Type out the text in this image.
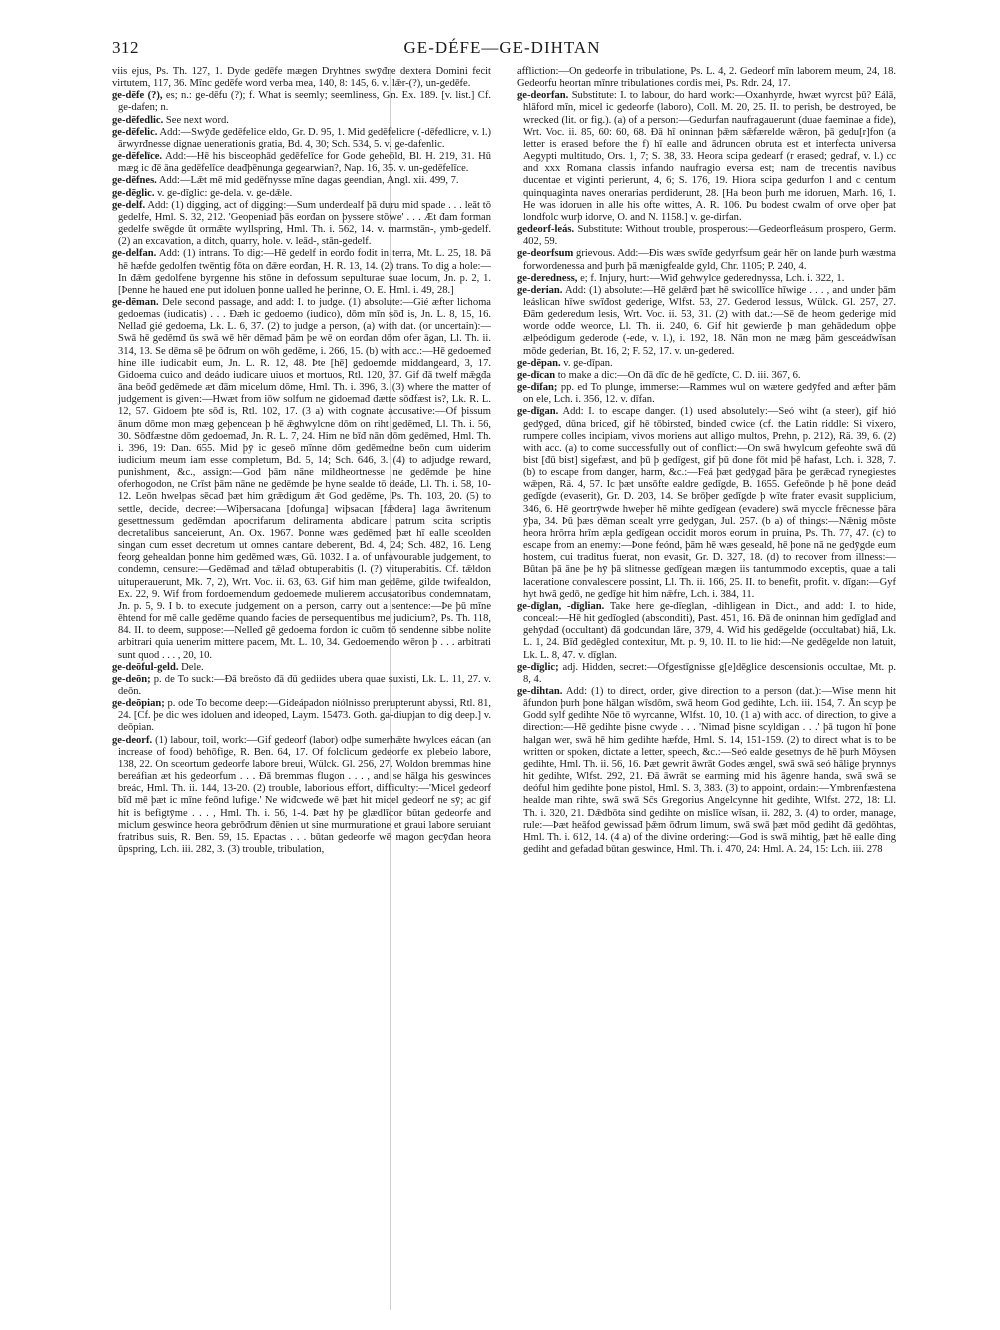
312	GE-DÉFE—GE-DIHTAN

viis ejus, Ps. Th. 127, 1. Dyde gedēfe mægen Dryhtnes swȳđre dextera Domini fecit virtutem, 117, 36. Mīnc gedēfe word verba mea, 140, 8: 145, 6. v. lǣr-(?), un-gedēfe.

ge-dēfe (?), es; n.: ge-dēfu (?); f. What is seemly; seemliness, Gn. Ex. 189. [v. list.] Cf. ge-dafen; n.

ge-dēfedlic. See next word.

ge-dēfelic. Add:—Swȳđe gedēfelice eldo, Gr. D. 95, 1. Mid gedēfelicre (-dēfedlicre, v. l.) ārwyrđnesse dignae uenerationis gratia, Bd. 4, 30; Sch. 534, 5. v. ge-dafenlic.

ge-dēfelīce. Add:—Hē his bisceophād gedēfelīce for Gode geheōld, Bl. H. 219, 31. Hū mæg ic đē āna gedēfelīce deađþēnunga gegearwian?, Nap. 16, 35. v. un-gedēfelīce.

ge-dēfnes. Add:—Lǣt mē mid gedēfnysse mīne dagas geendian, Angl. xii. 499, 7.

ge-dēglic. v. ge-dīglic: ge-dela. v. ge-dǣle.

ge-delf. Add: (1) digging, act of digging:—Sum underdealf þā duru mid spade . . . leāt tō gedelfe, Hml. S. 32, 212. 'Geopeniađ þās eorđan on þyssere stōwe' . . . Æt đam forman gedelfe swēgde ūt ormǣte wyllspring, Hml. Th. i. 562, 14. v. marmstān-, ymb-gedelf. (2) an excavation, a ditch, quarry, hole. v. leād-, stān-gedelf.

ge-delfan. Add: (1) intrans. To dig:—Hē gedelf in eorđo fodit in terra, Mt. L. 25, 18. Þā hē hæfde gedolfen twēntig fōta on đǣre eorđan, H. R. 13, 14. (2) trans. To dig a hole:—In đǣm gedolfene byrgenne his stōne in defossum sepulturae suae locum, Jn. p. 2, 1. [Þenne he haued ene put idoluen þonne ualled he þerinne, O. E. Hml. i. 49, 28.]

ge-dēman. Dele second passage, and add: I. to judge. (1) absolute:—Gié æfter lichoma gedoemas (iudicatis) . . . Đæh ic gedoemo (iudico), dōm mīn sōđ is, Jn. L. 8, 15, 16. Nellađ gié gedoema, Lk. L. 6, 37. (2) to judge a person, (a) with dat. (or uncertain):—Swā hē gedēmđ ūs swā wē hēr dēmađ þām þe wē on eorđan dōm ofer āgan, Ll. Th. ii. 314, 13. Se dēma sē þe ōđrum on wōh gedēme, i. 266, 15. (b) with acc.:—Hē gedoemeđ hine ille iudicabit eum, Jn. L. R. 12, 48. Þte [hē] gedoemde middangeard, 3, 17. Gidoema cuico and deádo iudicare uiuos et mortuos, Rtl. 120, 37. Gif đā twelf mǣgđa āna beōđ gedēmede æt đām micelum dōme, Hml. Th. i. 396, 3. (3) where the matter of judgement is given:—Hwæt from iōw solfum ne gidoemađ đætte sōđfæst is?, Lk. R. L. 12, 57. Gidoem þte sōđ is, Rtl. 102, 17. (3 a) with cognate accusative:—Of þissum ānum dōme mon mæg geþencean þ hē ǣghwylcne dōm on riht gedēmeđ, Ll. Th. i. 56, 30. Sōđfæstne dōm gedoemađ, Jn. R. L. 7, 24. Him ne bīđ nān dōm gedēmed, Hml. Th. i. 396, 19: Dan. 655. Mid þȳ ic geseō mīnne dōm gedēmedne beōn cum uiderim iudicium meum iam esse completum, Bd. 5, 14; Sch. 646, 3. (4) to adjudge reward, punishment, &c., assign:—God þām nāne mildheortnesse ne gedēmde þe hine oferhogodon, ne Crīst þām nāne ne gedēmde þe hyne sealde tō deáđe, Ll. Th. i. 58, 10-12. Leōn hwelpas sēcađ þæt him grǣdigum ǣt God gedēme, Ps. Th. 103, 20. (5) to settle, decide, decree:—Wiþersacana [dofunga] wiþsacan [fǣdera] laga āwritenum gesettnessum gedēmdan apocrifarum deliramenta abdicare patrum scita scriptis decretalibus sanceierunt, An. Ox. 1967. Þonne wæs gedēmed þæt hī ealle sceolden singan cum esset decretum ut omnes cantare deberent, Bd. 4, 24; Sch. 482, 16. Leng feorg gehealdan þonne him gedēmed wæs, Gū. 1032. I a. of unfavourable judgement, to condemn, censure:—Gedēmađ and tǣlađ obtuperabitis (l. (?) vituperabitis. Cf. tǣldon uituperauerunt, Mk. 7, 2), Wrt. Voc. ii. 63, 63. Gif him man gedēme, gilde twifealdon, Ex. 22, 9. Wif from fordoemendum gedoemede mulierem accusatoribus condemnatam, Jn. p. 5, 9. I b. to execute judgement on a person, carry out a sentence:—Þe þū mīne ēhtend for mē calle gedēme quando facies de persequentibus me judicium?, Ps. Th. 118, 84. II. to deem, suppose:—Nelleđ gē gedoema fordon ic cuōm tō sendenne sibbe nolite arbitrari quia uenerim mittere pacem, Mt. L. 10, 34. Gedoemendo wēron þ . . . arbitrati sunt quod . . . , 20, 10.

ge-deōful-geld. Dele.

ge-deōn; p. de To suck:—Đā breōsto đā đū gediides ubera quae suxisti, Lk. L. 11, 27. v. deōn.

ge-deōpian; p. ode To become deep:—Gideápadon niólnisso prerupterunt abyssi, Rtl. 81, 24. [Cf. þe dic wes idoluen and ideoped, Laym. 15473. Goth. ga-diupjan to dig deep.] v. deōpian.

ge-deorf. (1) labour, toil, work:—Gif gedeorf (labor) odþe sumerhǣte hwylces eácan (an increase of food) behōfige, R. Ben. 64, 17. Of folclicum gedeorfe ex plebeio labore, 138, 22. On sceortum gedeorfe labore breui, Wülck. Gl. 256, 27. Woldon bremmas hine bereáfian æt his gedeorfum . . . Đā bremmas flugon . . . , and se hālga his geswinces breác, Hml. Th. ii. 144, 13-20. (2) trouble, laborious effort, difficulty:—'Micel gedeorf bīđ mē þæt ic mīne feōnd lufige.' Ne wiđcweđe wē þæt hit micel gedeorf ne sȳ; ac gif hit is befigtȳme . . . , Hml. Th. i. 56, 1-4. Þæt hȳ þe glædlīcor būtan gedeorfe and miclum geswince heora gebrōđrum đēnien ut sine murmuratione et graui labore seruiant fratribus suis, R. Ben. 59, 15. Epactas . . . būtan gedeorfe wē magon gecȳđan heora ūpspring, Lch. iii. 282, 3. (3) trouble, tribulation,

affliction:—On gedeorfe in tribulatione, Ps. L. 4, 2. Gedeorf mīn laborem meum, 24, 18. Gedeorfu heortan mīnre tribulationes cordis mei, Ps. Rdr. 24, 17.

ge-deorfan. Substitute: I. to labour, do hard work:—Oxanhyrde, hwæt wyrcst þū? Eálā, hlāford mīn, micel ic gedeorfe (laboro), Coll. M. 20, 25. II. to perish, be destroyed, be wrecked (lit. or fig.). (a) of a person:—Gedurfan naufragauerunt (duae faeminae a fide), Wrt. Voc. ii. 85, 60: 60, 68. Đā hī oninnan þǣm sǣfærelde wǣron, þā gedu[r]fon (a letter is erased before the f) hī ealle and ādruncen obruta est et interfecta universa Aegypti multitudo, Ors. 1, 7; S. 38, 33. Heora scipa gedearf (r erased; gedraf, v. l.) cc and xxx Romana classis infando naufragio eversa est; nam de trecentis navibus ducentae et viginti perierunt, 4, 6; S. 176, 19. Hiora scipa gedurfon l and c centum quinquaginta naves onerarias perdiderunt, 28. [Ha beon þurh me idoruen, Marh. 16, 1. He was idoruen in alle his ofte wittes, A. R. 106. Þu bodest cwalm of orve oþer þat londfolc wurþ idorve, O. and N. 1158.] v. ge-dirfan.

gedeorf-leás. Substitute: Without trouble, prosperous:—Gedeorfleásum prospero, Germ. 402, 59.

ge-deorfsum grievous. Add:—Đis wæs swīđe gedyrfsum geár hēr on lande þurh wæstma forwordenessa and þurh þā mænigfealde gyld, Chr. 1105; P. 240, 4.

ge-deredness, e; f. Injury, hurt:—Wiđ gehwylce gederednyssa, Lch. i. 322, 1.

ge-derian. Add: (1) absolute:—Hē gelǣrđ þæt hē swicollīce hīwige . . . , and under þām leáslican hīwe swīđost gederige, Wlfst. 53, 27. Gederod lessus, Wülck. Gl. 257, 27. Đām gederedum lesis, Wrt. Voc. ii. 53, 31. (2) with dat.:—Sē đe heom gederige mid worde odđe weorce, Ll. Th. ii. 240, 6. Gif hit gewierđe þ man gehādedum oþþe ælþeódigum gederode (-ede, v. l.), i. 192, 18. Nān mon ne mæg þām gesceádwīsan mōde gederian, Bt. 16, 2; F. 52, 17. v. un-gedered.

ge-dēpan. v. ge-dīpan.

ge-dīcan to make a dic:—On đā dīc đe hē gedīcte, C. D. iii. 367, 6.

ge-dīfan; pp. ed To plunge, immerse:—Rammes wul on wætere gedȳfed and æfter þām on ele, Lch. i. 356, 12. v. dīfan.

ge-dīgan. Add: I. to escape danger. (1) used absolutely:—Seó wiht (a steer), gif hió gedȳgeđ, dūna briceđ, gif hē tōbirsteđ, bindeđ cwice (cf. the Latin riddle: Si vixero, rumpere colles incipiam, vivos moriens aut alligo multos, Prehn, p. 212), Rä. 39, 6. (2) with acc. (a) to come successfully out of conflict:—On swā hwylcum gefeohte swā đū bist [đū bist] sigefæst, and þū þ gedīgest, gif þū đone fōt mid þē hafast, Lch. i. 328, 7. (b) to escape from danger, harm, &c.:—Feá þæt gedȳgađ þāra þe gerǣcađ rynegiestes wǣpen, Rä. 4, 57. Ic þæt unsōfte ealdre gedīgde, B. 1655. Gefeōnde þ hē þone deáđ gedīgde (evaserit), Gr. D. 203, 14. Se brōþer gedīgde þ wīte frater evasit supplicium, 346, 6. Hē geortrȳwde hweþer hē mihte gedīgean (evadere) swā myccle frēcnesse þāra ȳþa, 34. Þū þæs dēman scealt yrre gedȳgan, Jul. 257. (b a) of things:—Nǣnig mōste heora hrōrra hrīm æpla gedīgean occidit moros eorum in pruina, Ps. Th. 77, 47. (c) to escape from an enemy:—Þone feónd, þām hē wæs geseald, hē þone nā ne gedȳgde eum hostem, cui traditus fuerat, non evasit, Gr. D. 327, 18. (d) to recover from illness:—Būtan þā āne þe hȳ þā slitnesse gedīgean mægen iis tantummodo exceptis, quae a tali laceratione convalescere possint, Ll. Th. ii. 166, 25. II. to benefit, profit. v. dīgan:—Gyf hyt hwā gedō, ne gedīge hit him nǣfre, Lch. i. 384, 11.

ge-dīglan, -dīglian. Take here ge-dīeglan, -dihligean in Dict., and add: I. to hide, conceal:—Hē hit gedīogled (absconditi), Past. 451, 16. Đā đe oninnan him gedīglađ and gehȳdađ (occultant) đā godcundan lāre, 379, 4. Wiđ his gedēgelde (occultabat) hiā, Lk. L. 1, 24. Bīđ gedēgled contexitur, Mt. p. 9, 10. II. to lie hid:—Ne gedēgelde non latuit, Lk. L. 8, 47. v. dīglan.

ge-dīglic; adj. Hidden, secret:—Ofgestīgnisse g[e]dēglice descensionis occultae, Mt. p. 8, 4.

ge-dihtan. Add: (1) to direct, order, give direction to a person (dat.):—Wise menn hit āfundon þurh þone hālgan wīsdōm, swā heom God gedihte, Lch. iii. 154, 7. Ān scyp þe Godd sylf gedihte Nōe tō wyrcanne, Wlfst. 10, 10. (1 a) with acc. of direction, to give a direction:—Hē gedihte þisne cwyde . . . 'Nimađ þisne scyldigan . . .' þā tugon hī þone halgan wer, swā hē him gedihte hæfde, Hml. S. 14, 151-159. (2) to direct what is to be written or spoken, dictate a letter, speech, &c.:—Seó ealde gesetnys đe hē þurh Mōysen gedihte, Hml. Th. ii. 56, 16. Þæt gewrit āwrāt Godes ængel, swā swā seó hālige þrynnys hit gedihte, Wlfst. 292, 21. Đā āwrāt se earming mid his āgenre handa, swā swā se deóful him gedihte þone pistol, Hml. S. 3, 383. (3) to appoint, ordain:—Ymbrenfæstena healde man rihte, swā swā Sc̄s Gregorius Angelcynne hit gedihte, Wlfst. 272, 18: Ll. Th. i. 320, 21. Dǣdbōta sind gedihte on mislīce wīsan, ii. 282, 3. (4) to order, manage, rule:—Þæt heāfod gewissađ þǣm ōđrum limum, swā swā þæt mōd gediht đā gedōhtas, Hml. Th. i. 612, 14. (4 a) of the divine ordering:—God is swā mihtig, þæt hē ealle đing gediht and gefadađ būtan geswince, Hml. Th. i. 470, 24: Hml. A. 24, 15: Lch. iii. 278
